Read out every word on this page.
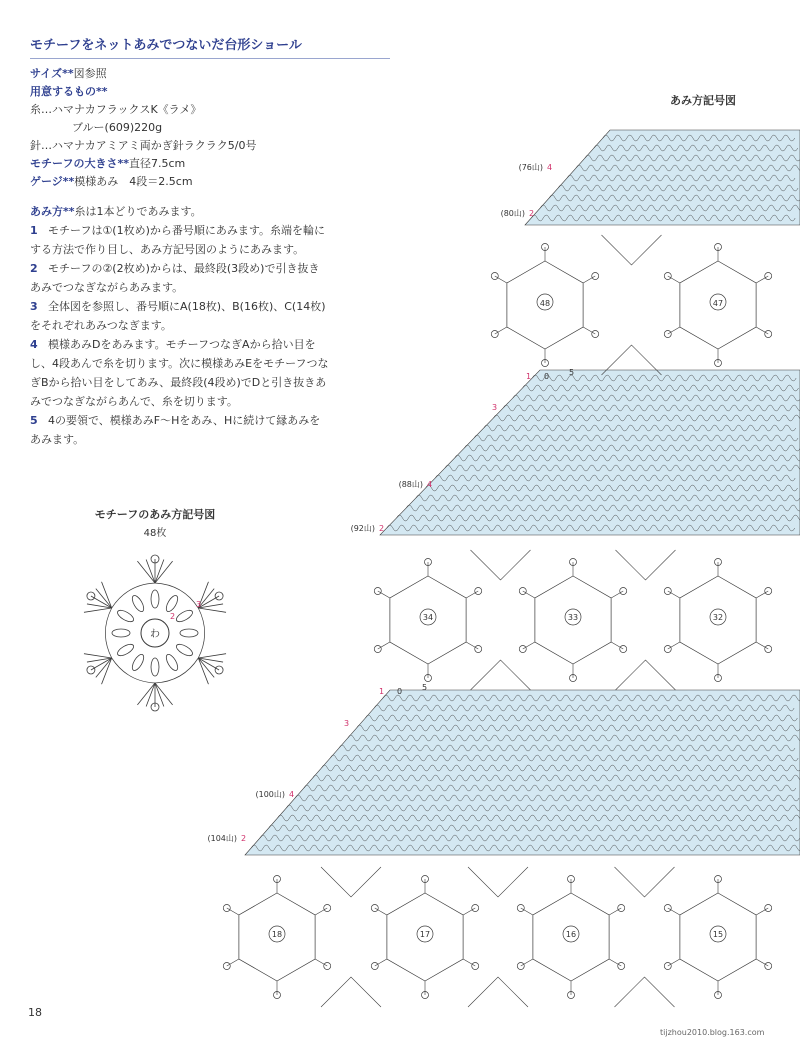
モチーフをネットあみでつないだ台形ショール
サイズ**図参照
用意するもの**
糸…ハマナカフラックスK《ラメ》
ブルー(609)220g
針…ハマナカアミアミ両かぎ針ラクラク5/0号
モチーフの大きさ**直径7.5cm
ゲージ**模様あみ　4段＝2.5cm

あみ方**糸は1本どりであみます。

1 モチーフは①(1枚め)から番号順にあみます。糸端を輪にする方法で作り目し、あみ方記号図のようにあみます。

2 モチーフの②(2枚め)からは、最終段(3段め)で引き抜きあみでつなぎながらあみます。

3 全体図を参照し、番号順にA(18枚)、B(16枚)、C(14枚)をそれぞれあみつなぎます。

4 模様あみDをあみます。モチーフつなぎAから拾い目をし、4段あんで糸を切ります。次に模様あみEをモチーフつなぎBから拾い目をしてあみ、最終段(4段め)でDと引き抜きあみでつなぎながらあんで、糸を切ります。

5 4の要領で、模様あみF～Hをあみ、Hに続けて縁あみをあみます。

モチーフのあみ方記号図
48枚
わ
3
2
あみ方記号図
(76山) 4
(80山) 2
(88山) 4
(92山) 2
(100山) 4
(104山) 2
1 0 5
3
1 0 5
3
48	47
34	33	32
18	17	16	15
18
tijzhou2010.blog.163.com
